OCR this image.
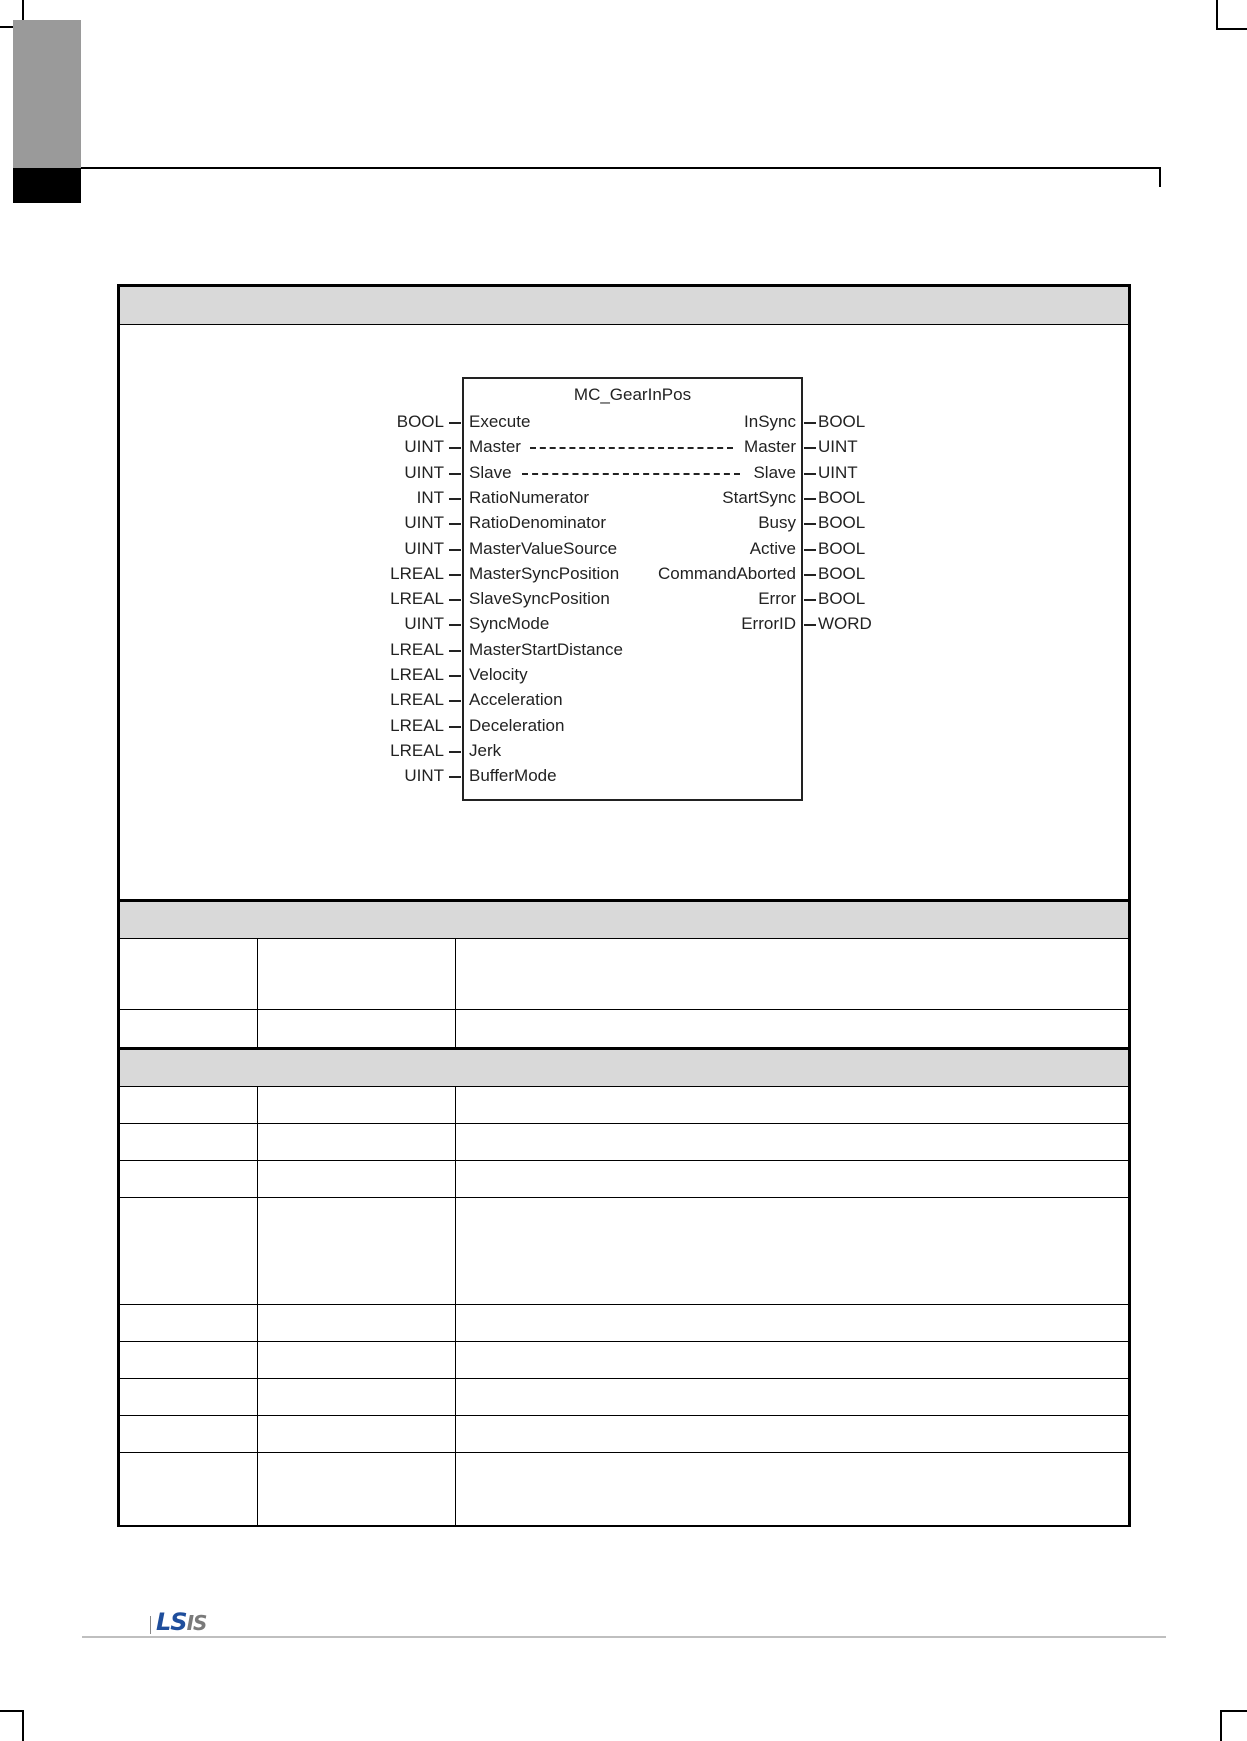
MC_GearInPos
BOOL Execute
UINT Master
UINT Slave
INT RatioNumerator
UINT RatioDenominator
UINT MasterValueSource
LREAL MasterSyncPosition
LREAL SlaveSyncPosition
UINT SyncMode
LREAL MasterStartDistance
LREAL Velocity
LREAL Acceleration
LREAL Deceleration
LREAL Jerk
UINT BufferMode
InSync BOOL
Master UINT
Slave UINT
StartSync BOOL
Busy BOOL
Active BOOL
CommandAborted BOOL
Error BOOL
ErrorID WORD
LSIS
